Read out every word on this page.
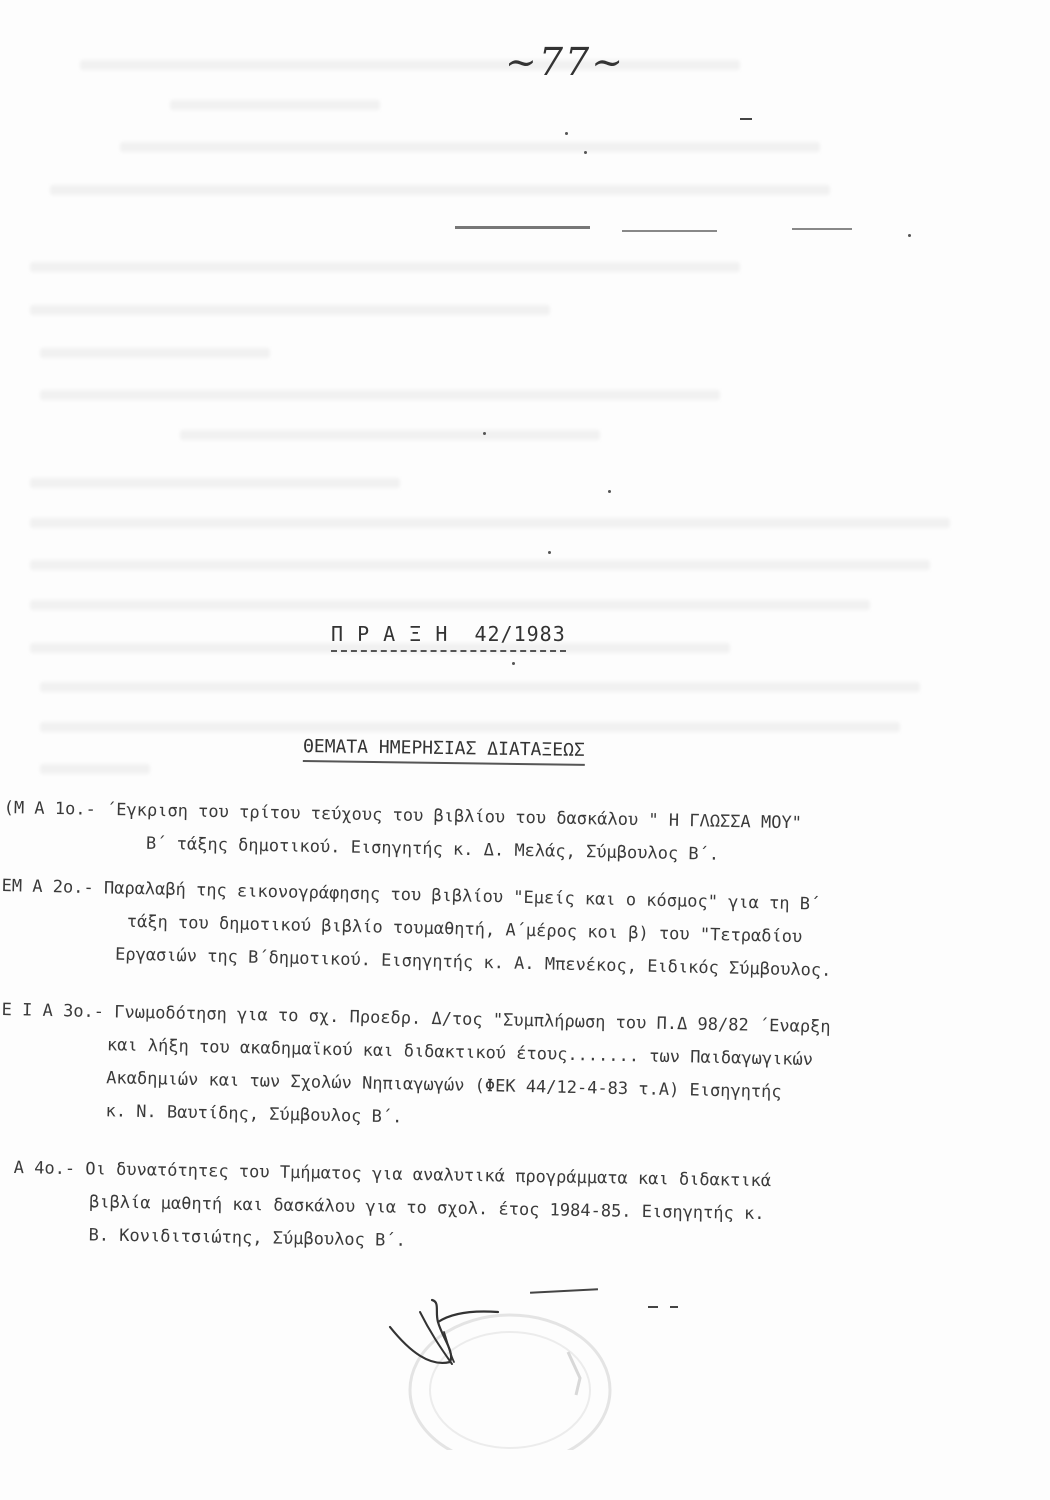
~77~
Π Ρ Α Ξ Η  42/1983
ΘΕΜΑΤΑ ΗΜΕΡΗΣΙΑΣ ΔΙΑΤΑΞΕΩΣ
(Μ Α 1ο.- ΄Εγκριση του τρίτου τεύχους του βιβλίου του δασκάλου " Η ΓΛΩΣΣΑ ΜΟΥ"
Β΄ τάξης δημοτικού. Εισηγητής κ. Δ. Μελάς, Σύμβουλος Β΄.
ΕΜ Α 2ο.- Παραλαβή της εικονογράφησης του βιβλίου "Εμείς και ο κόσμος" για τη Β΄
τάξη του δημοτικού βιβλίο τουμαθητή, Α΄μέρος κοι β) του "Τετραδίου
Εργασιών της Β΄δημοτικού. Εισηγητής κ. Α. Μπενέκος, Ειδικός Σύμβουλος.
Ε Ι Α 3ο.- Γνωμοδότηση για το σχ. Προεδρ. Δ/τος "Συμπλήρωση του Π.Δ 98/82 ΄Εναρξη
και λήξη του ακαδημαϊκού και διδακτικού έτους....... των Παιδαγωγικών
Ακαδημιών και των Σχολών Νηπιαγωγών (ΦΕΚ 44/12-4-83 τ.Α) Εισηγητής
κ. Ν. Βαυτίδης, Σύμβουλος Β΄.
Α 4ο.- Οι δυνατότητες του Τμήματος για αναλυτικά προγράμματα και διδακτικά
βιβλία μαθητή και δασκάλου για το σχολ. έτος 1984-85. Εισηγητής κ.
Β. Κονιδιτσιώτης, Σύμβουλος Β΄.
